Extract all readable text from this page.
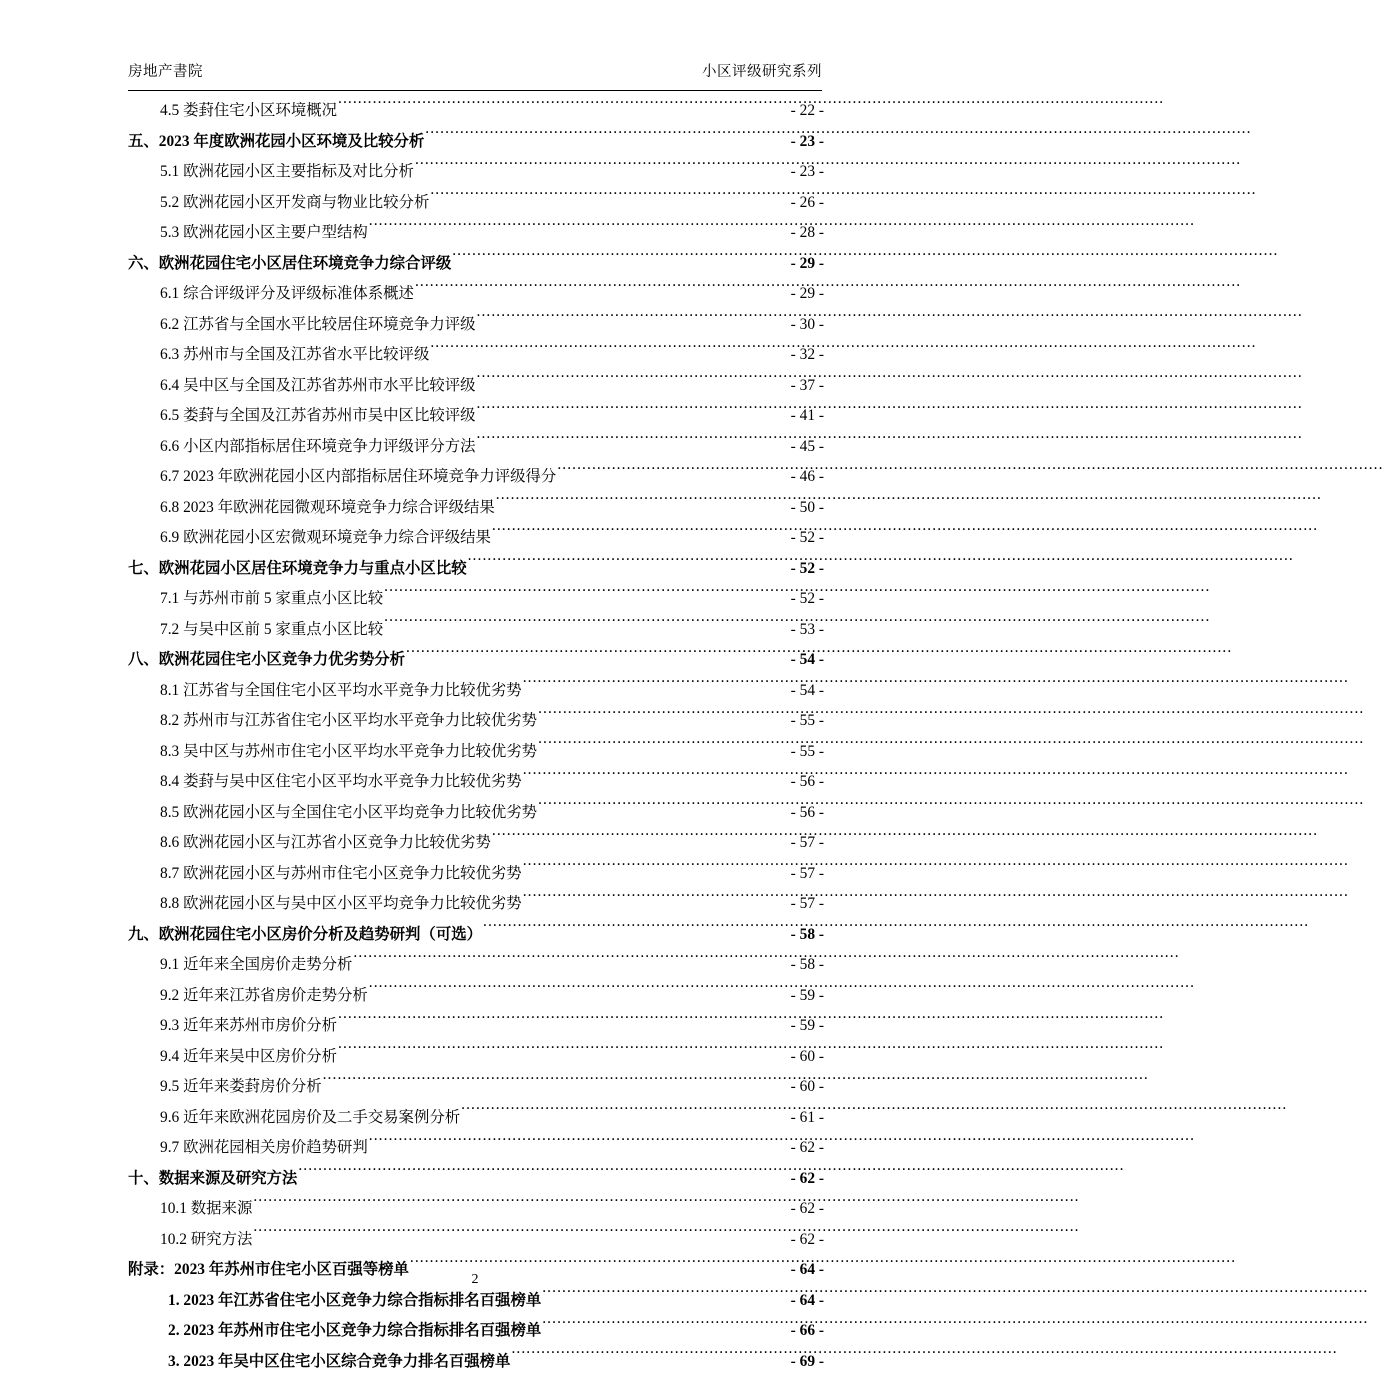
房地产書院	小区评级研究系列
4.5 娄葑住宅小区环境概况 .....	- 22 -
五、2023 年度欧洲花园小区环境及比较分析 .....	- 23 -
5.1 欧洲花园小区主要指标及对比分析 .....	- 23 -
5.2 欧洲花园小区开发商与物业比较分析 .....	- 26 -
5.3 欧洲花园小区主要户型结构 .....	- 28 -
六、欧洲花园住宅小区居住环境竞争力综合评级 .....	- 29 -
6.1 综合评级评分及评级标准体系概述 .....	- 29 -
6.2 江苏省与全国水平比较居住环境竞争力评级 .....	- 30 -
6.3 苏州市与全国及江苏省水平比较评级 .....	- 32 -
6.4 吴中区与全国及江苏省苏州市水平比较评级 .....	- 37 -
6.5 娄葑与全国及江苏省苏州市吴中区比较评级 .....	- 41 -
6.6 小区内部指标居住环境竞争力评级评分方法 .....	- 45 -
6.7 2023 年欧洲花园小区内部指标居住环境竞争力评级得分 .....	- 46 -
6.8 2023 年欧洲花园微观环境竞争力综合评级结果 .....	- 50 -
6.9 欧洲花园小区宏微观环境竞争力综合评级结果 .....	- 52 -
七、欧洲花园小区居住环境竞争力与重点小区比较 .....	- 52 -
7.1 与苏州市前 5 家重点小区比较 .....	- 52 -
7.2 与吴中区前 5 家重点小区比较 .....	- 53 -
八、欧洲花园住宅小区竞争力优劣势分析 .....	- 54 -
8.1 江苏省与全国住宅小区平均水平竞争力比较优劣势 .....	- 54 -
8.2 苏州市与江苏省住宅小区平均水平竞争力比较优劣势 .....	- 55 -
8.3 吴中区与苏州市住宅小区平均水平竞争力比较优劣势 .....	- 55 -
8.4 娄葑与吴中区住宅小区平均水平竞争力比较优劣势 .....	- 56 -
8.5 欧洲花园小区与全国住宅小区平均竞争力比较优劣势 .....	- 56 -
8.6 欧洲花园小区与江苏省小区竞争力比较优劣势 .....	- 57 -
8.7 欧洲花园小区与苏州市住宅小区竞争力比较优劣势 .....	- 57 -
8.8 欧洲花园小区与吴中区小区平均竞争力比较优劣势 .....	- 57 -
九、欧洲花园住宅小区房价分析及趋势研判（可选） .....	- 58 -
9.1 近年来全国房价走势分析 .....	- 58 -
9.2 近年来江苏省房价走势分析 .....	- 59 -
9.3 近年来苏州市房价分析 .....	- 59 -
9.4 近年来吴中区房价分析 .....	- 60 -
9.5 近年来娄葑房价分析 .....	- 60 -
9.6 近年来欧洲花园房价及二手交易案例分析 .....	- 61 -
9.7 欧洲花园相关房价趋势研判 .....	- 62 -
十、数据来源及研究方法 .....	- 62 -
10.1 数据来源 .....	- 62 -
10.2 研究方法 .....	- 62 -
附录：2023 年苏州市住宅小区百强等榜单 .....	- 64 -
1. 2023 年江苏省住宅小区竞争力综合指标排名百强榜单 .....	- 64 -
2. 2023 年苏州市住宅小区竞争力综合指标排名百强榜单 .....	- 66 -
3. 2023 年吴中区住宅小区综合竞争力排名百强榜单 .....	- 69 -
2
